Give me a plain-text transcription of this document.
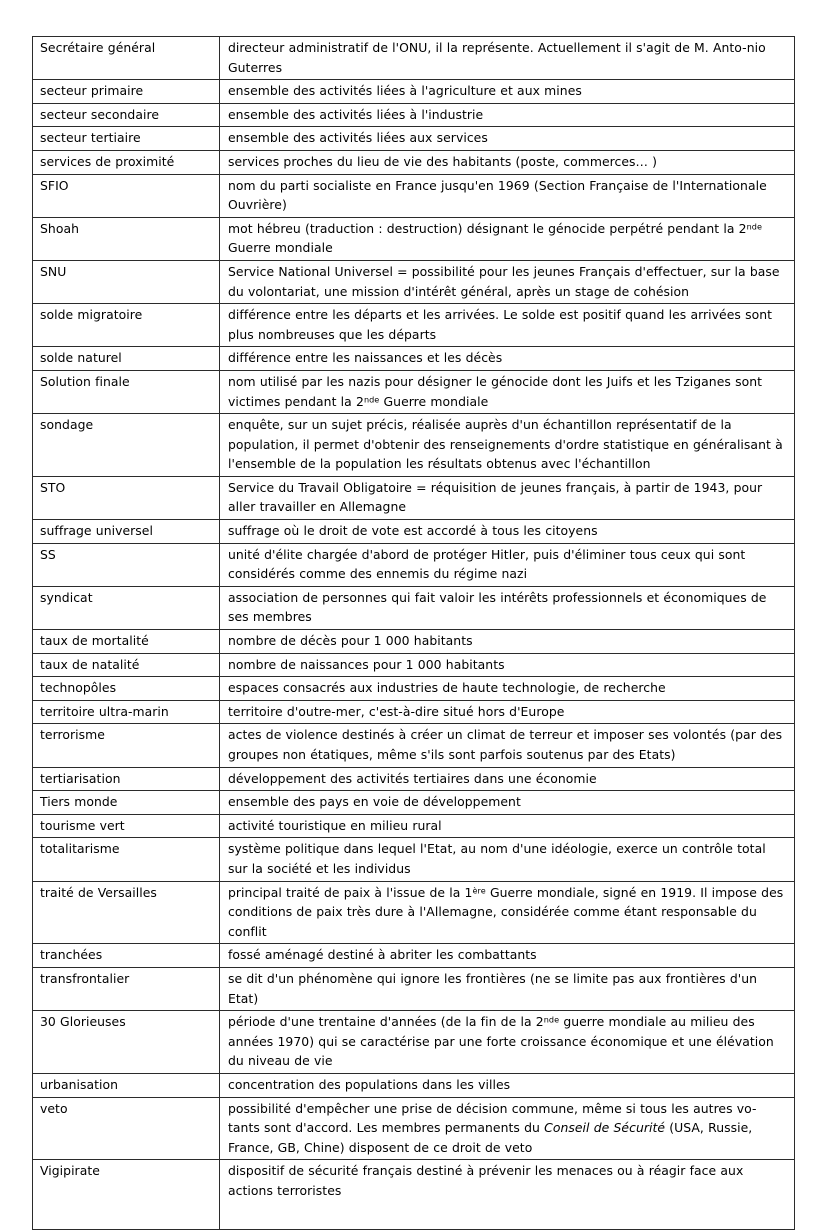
Secrétaire général	directeur administratif de l'ONU, il la représente. Actuellement il s'agit de M. Anto-nio Guterres
secteur primaire	ensemble des activités liées à l'agriculture et aux mines
secteur secondaire	ensemble des activités liées à l'industrie
secteur tertiaire	ensemble des activités liées aux services
services de proximité	services proches du lieu de vie des habitants (poste, commerces… )
SFIO	nom du parti socialiste en France jusqu'en 1969 (Section Française de l'Internationale Ouvrière)
Shoah	mot hébreu (traduction : destruction) désignant le génocide perpétré pendant la 2nde Guerre mondiale
SNU	Service National Universel = possibilité pour les jeunes Français d'effectuer, sur la base du volontariat, une mission d'intérêt général, après un stage de cohésion
solde migratoire	différence entre les départs et les arrivées. Le solde est positif quand les arrivées sont plus nombreuses que les départs
solde naturel	différence entre les naissances et les décès
Solution finale	nom utilisé par les nazis pour désigner le génocide dont les Juifs et les Tziganes sont victimes pendant la 2nde Guerre mondiale
sondage	enquête, sur un sujet précis, réalisée auprès d'un échantillon représentatif de la population, il permet d'obtenir des renseignements d'ordre statistique en généralisant à l'ensemble de la population les résultats obtenus avec l'échantillon
STO	Service du Travail Obligatoire = réquisition de jeunes français, à partir de 1943, pour aller travailler en Allemagne
suffrage universel	suffrage où le droit de vote est accordé à tous les citoyens
SS	unité d'élite chargée d'abord de protéger Hitler, puis d'éliminer tous ceux qui sont considérés comme des ennemis du régime nazi
syndicat	association de personnes qui fait valoir les intérêts professionnels et économiques de ses membres
taux de mortalité	nombre de décès pour 1 000 habitants
taux de natalité	nombre de naissances pour 1 000 habitants
technopôles	espaces consacrés aux industries de haute technologie, de recherche
territoire ultra-marin	territoire d'outre-mer, c'est-à-dire situé hors d'Europe
terrorisme	actes de violence destinés à créer un climat de terreur et imposer ses volontés (par des groupes non étatiques, même s'ils sont parfois soutenus par des Etats)
tertiarisation	développement des activités tertiaires dans une économie
Tiers monde	ensemble des pays en voie de développement
tourisme vert	activité touristique en milieu rural
totalitarisme	système politique dans lequel l'Etat, au nom d'une idéologie, exerce un contrôle total sur la société et les individus
traité de Versailles	principal traité de paix à l'issue de la 1ère Guerre mondiale, signé en 1919. Il impose des conditions de paix très dure à l'Allemagne, considérée comme étant responsable du conflit
tranchées	fossé aménagé destiné à abriter les combattants
transfrontalier	se dit d'un phénomène qui ignore les frontières (ne se limite pas aux frontières d'un Etat)
30 Glorieuses	période d'une trentaine d'années (de la fin de la 2nde guerre mondiale au milieu des années 1970) qui se caractérise par une forte croissance économique et une élévation du niveau de vie
urbanisation	concentration des populations dans les villes
veto	possibilité d'empêcher une prise de décision commune, même si tous les autres vo-tants sont d'accord. Les membres permanents du Conseil de Sécurité (USA, Russie, France, GB, Chine) disposent de ce droit de veto
Vigipirate	dispositif de sécurité français destiné à prévenir les menaces ou à réagir face aux actions terroristes
